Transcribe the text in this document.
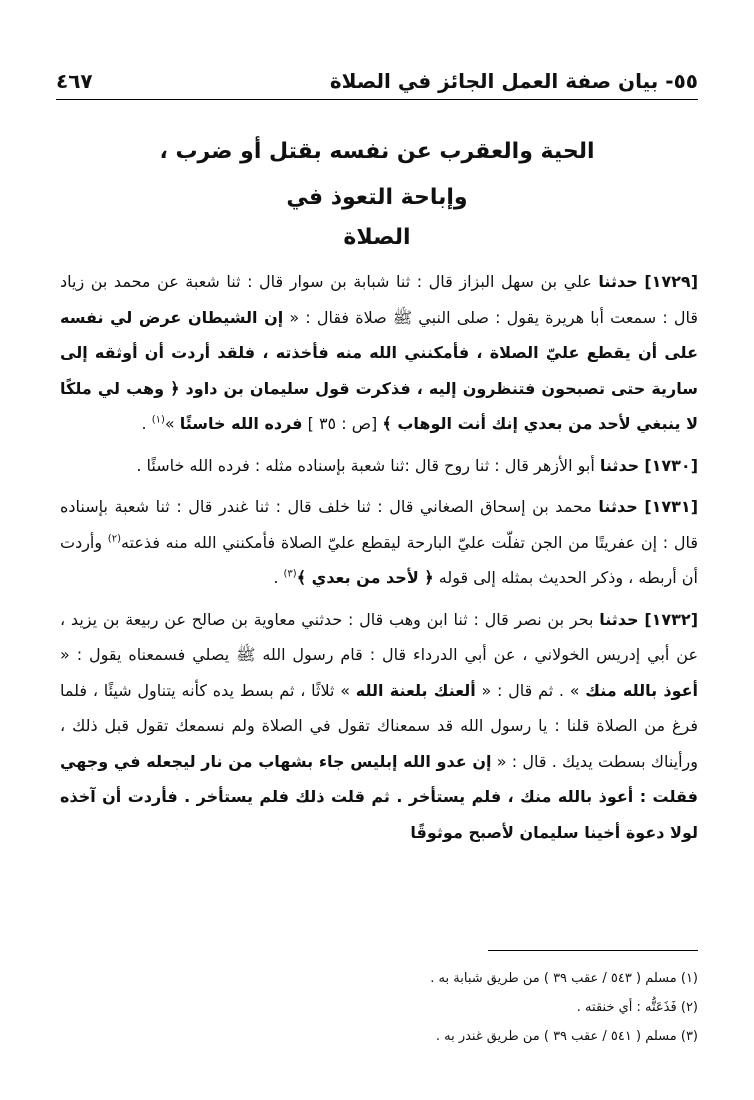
٥٥- بيان صفة العمل الجائز في الصلاة
٤٦٧
الحية والعقرب عن نفسه بقتل أو ضرب ،
وإباحة التعوذ في
الصلاة

[١٧٢٩] حدثنا علي بن سهل البزاز قال : ثنا شبابة بن سوار قال : ثنا شعبة عن محمد بن زياد قال : سمعت أبا هريرة يقول : صلى النبي ﷺ صلاة فقال : « إن الشيطان عرض لي نفسه على أن يقطع عليّ الصلاة ، فأمكنني الله منه فأخذته ، فلقد أردت أن أوثقه إلى سارية حتى تصبحون فتنظرون إليه ، فذكرت قول سليمان بن داود ﴿ وهب لي ملكًا لا ينبغي لأحد من بعدي إنك أنت الوهاب ﴾ [ص : ٣٥ ] فرده الله خاسئًا »$^{(١)}$ .

[١٧٣٠] حدثنا أبو الأزهر قال : ثنا روح قال :ثنا شعبة بإسناده مثله : فرده الله خاسئًا .

[١٧٣١] حدثنا محمد بن إسحاق الصغاني قال : ثنا خلف قال : ثنا غندر قال : ثنا شعبة بإسناده قال : إن عفريتًا من الجن تفلّت عليّ البارحة ليقطع عليّ الصلاة فأمكنني الله منه فذعته$^{(٢)}$ وأردت أن أربطه ، وذكر الحديث بمثله إلى قوله ﴿ لأحد من بعدي ﴾$^{(٣)}$ .

[١٧٣٢] حدثنا بحر بن نصر قال : ثنا ابن وهب قال : حدثني معاوية بن صالح عن ربيعة بن يزيد ، عن أبي إدريس الخولاني ، عن أبي الدرداء قال : قام رسول الله ﷺ يصلي فسمعناه يقول : « أعوذ بالله منك » . ثم قال : « ألعنك بلعنة الله » ثلاثًا ، ثم بسط يده كأنه يتناول شيئًا ، فلما فرغ من الصلاة قلنا : يا رسول الله قد سمعناك تقول في الصلاة ولم نسمعك تقول قبل ذلك ، ورأيناك بسطت يديك . قال : « إن عدو الله إبليس جاء بشهاب من نار ليجعله في وجهي فقلت : أعوذ بالله منك ، فلم يستأخر . ثم قلت ذلك فلم يستأخر . فأردت أن آخذه لولا دعوة أخينا سليمان لأصبح موثوقًا

(١) مسلم ( ٥٤٣ / عقب ٣٩ ) من طريق شبابة به .
(٢) فَذَعَتُّه : أي خنقته .
(٣) مسلم ( ٥٤١ / عقب ٣٩ ) من طريق غندر به .
